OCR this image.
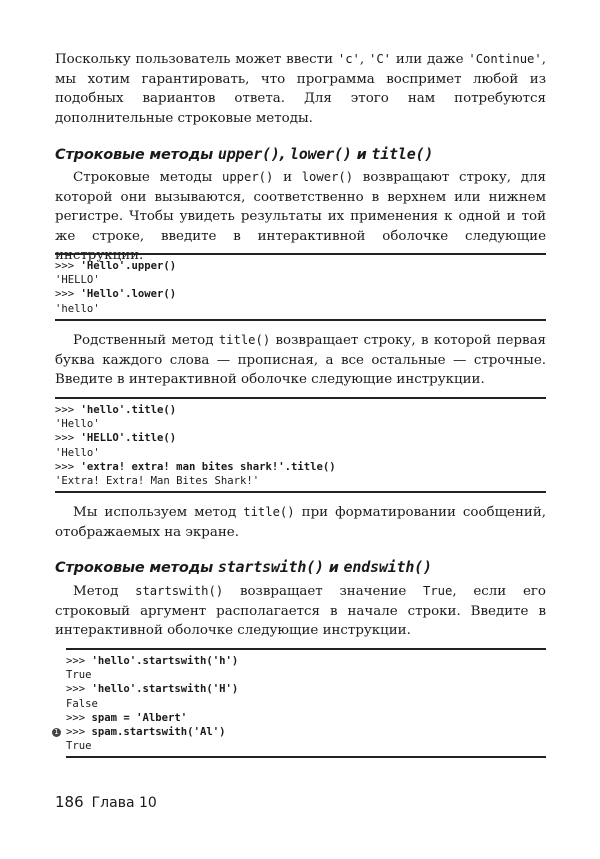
Поскольку пользователь может ввести 'c', 'C' или даже 'Continue', мы хотим гарантировать, что программа воспримет любой из подобных вариантов ответа. Для этого нам потребуются дополнительные строковые методы.

Строковые методы upper(), lower() и title()

Строковые методы upper() и lower() возвращают строку, для которой они вызываются, соответственно в верхнем или нижнем регистре. Чтобы увидеть результаты их применения к одной и той же строке, введите в интерактивной оболочке следующие инструкции.

>>> 'Hello'.upper()
'HELLO'
>>> 'Hello'.lower()
'hello'

Родственный метод title() возвращает строку, в которой первая буква каждого слова — прописная, а все остальные — строчные. Введите в интерактивной оболочке следующие инструкции.

>>> 'hello'.title()
'Hello'
>>> 'HELLO'.title()
'Hello'
>>> 'extra! extra! man bites shark!'.title()
'Extra! Extra! Man Bites Shark!'

Мы используем метод title() при форматировании сообщений, отображаемых на экране.

Строковые методы startswith() и endswith()

Метод startswith() возвращает значение True, если его строковый аргумент располагается в начале строки. Введите в интерактивной оболочке следующие инструкции.

>>> 'hello'.startswith('h')
True
>>> 'hello'.startswith('H')
False
>>> spam = 'Albert'
1 >>> spam.startswith('Al')
True
186 Глава 10
